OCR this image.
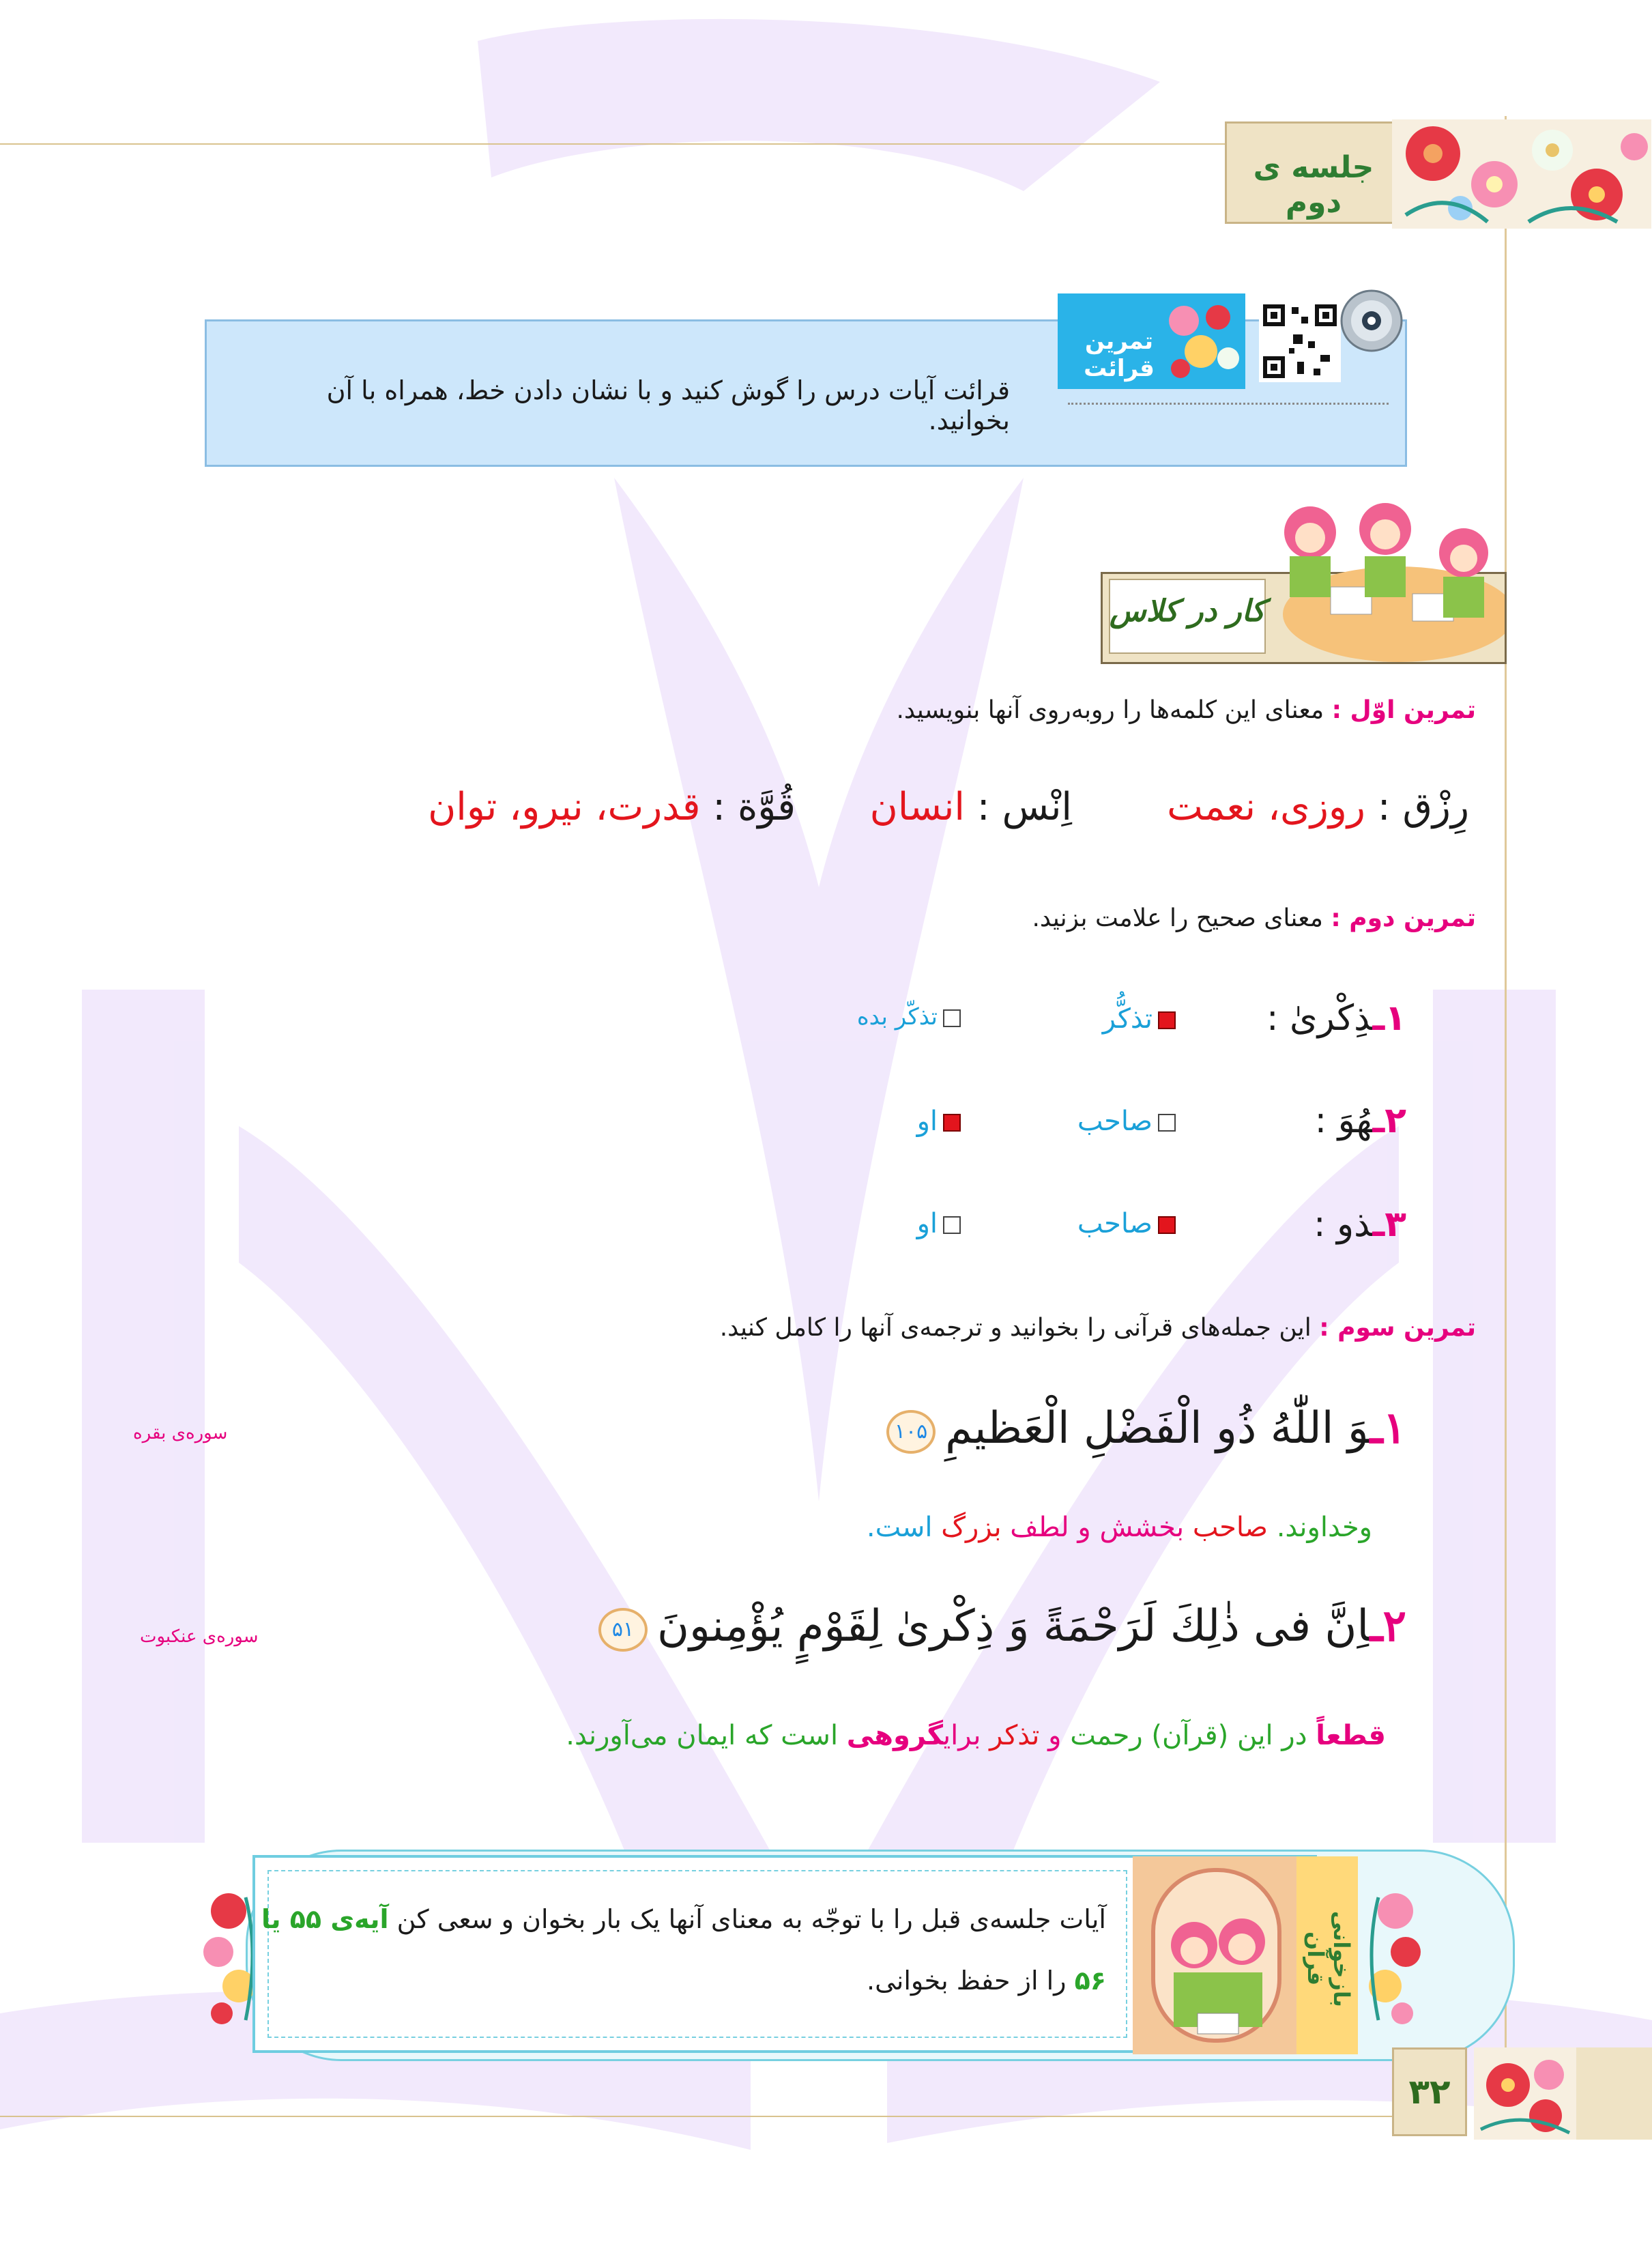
جلسه ی دوم
تمرین قرائت
قرائت آیات درس را گوش کنید و با نشان دادن خط، همراه با آن بخوانید.
کار در کلاس
تمرین اوّل : معنای این کلمه‌ها را روبه‌روی آنها بنویسید.
رِزْق : روزی، نعمت
اِنْس : انسان
قُوَّة : قدرت، نیرو، توان
تمرین دوم : معنای صحیح را علامت بزنید.
۱ـذِكْرىٰ :
تذکُّر
تذکّر بده
۲ـهُوَ :
صاحب
او
۳ـذو :
صاحب
او
تمرین سوم : این جمله‌های قرآنی را بخوانید و ترجمه‌ی آنها را کامل کنید.
۱ـوَ اللّٰهُ ذُو الْفَضْلِ الْعَظیمِ۱۰۵
سوره‌ی بقره
وخداوند. صاحب بخشش و لطف بزرگ است.
۲ـاِنَّ فی ذٰلِكَ لَرَحْمَةً وَ ذِكْرىٰ لِقَوْمٍ یُؤْمِنونَ۵۱
سوره‌ی عنكبوت
قطعاً در این (قرآن) رحمت و تذکر برایگروهی است که ایمان می‌آورند.
بازخوانی قرآن
آیات جلسه‌ی قبل را با توجّه به معنای آنها یک بار بخوان و سعی کن آیه‌ی ۵۵ یا
۵۶ را از حفظ بخوانی.
۳۲
